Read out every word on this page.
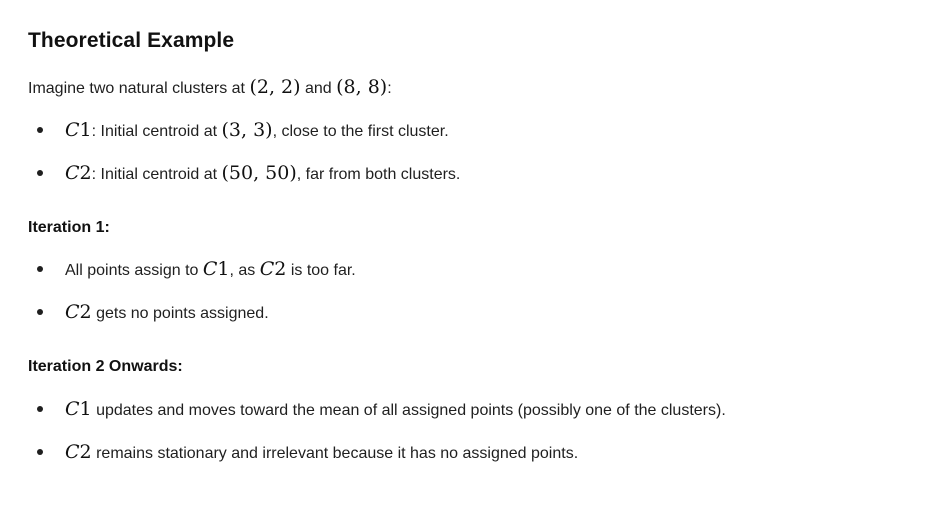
Theoretical Example
Imagine two natural clusters at (2, 2) and (8, 8):
C1: Initial centroid at (3, 3), close to the first cluster.
C2: Initial centroid at (50, 50), far from both clusters.
Iteration 1:
All points assign to C1, as C2 is too far.
C2 gets no points assigned.
Iteration 2 Onwards:
C1 updates and moves toward the mean of all assigned points (possibly one of the clusters).
C2 remains stationary and irrelevant because it has no assigned points.
